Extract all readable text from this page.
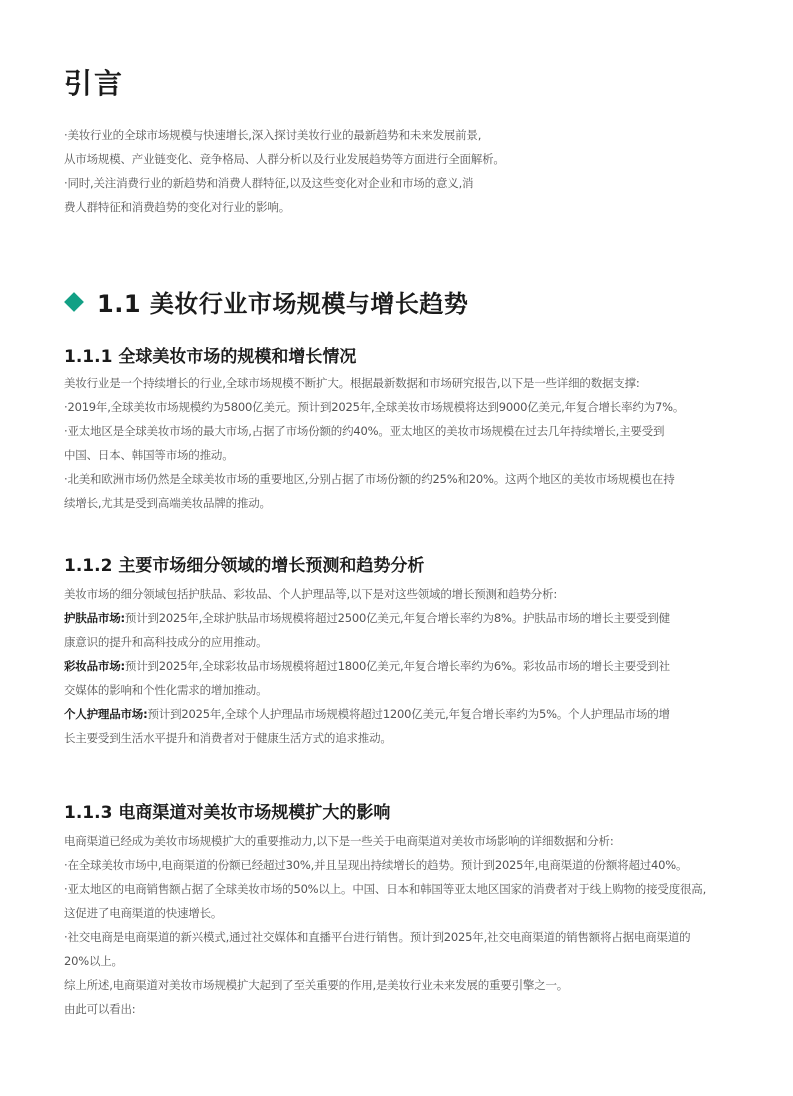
引言

·美妆行业的全球市场规模与快速增长,深入探讨美妆行业的最新趋势和未来发展前景,

从市场规模、产业链变化、竞争格局、人群分析以及行业发展趋势等方面进行全面解析。

·同时,关注消费行业的新趋势和消费人群特征,以及这些变化对企业和市场的意义,消

费人群特征和消费趋势的变化对行业的影响。

1.1 美妆行业市场规模与增长趋势
1.1.1 全球美妆市场的规模和增长情况

美妆行业是一个持续增长的行业,全球市场规模不断扩大。根据最新数据和市场研究报告,以下是一些详细的数据支撑:

·2019年,全球美妆市场规模约为5800亿美元。预计到2025年,全球美妆市场规模将达到9000亿美元,年复合增长率约为7%。

·亚太地区是全球美妆市场的最大市场,占据了市场份额的约40%。亚太地区的美妆市场规模在过去几年持续增长,主要受到

中国、日本、韩国等市场的推动。

·北美和欧洲市场仍然是全球美妆市场的重要地区,分别占据了市场份额的约25%和20%。这两个地区的美妆市场规模也在持

续增长,尤其是受到高端美妆品牌的推动。

1.1.2 主要市场细分领域的增长预测和趋势分析

美妆市场的细分领域包括护肤品、彩妆品、个人护理品等,以下是对这些领域的增长预测和趋势分析:

护肤品市场:预计到2025年,全球护肤品市场规模将超过2500亿美元,年复合增长率约为8%。护肤品市场的增长主要受到健

康意识的提升和高科技成分的应用推动。

彩妆品市场:预计到2025年,全球彩妆品市场规模将超过1800亿美元,年复合增长率约为6%。彩妆品市场的增长主要受到社

交媒体的影响和个性化需求的增加推动。

个人护理品市场:预计到2025年,全球个人护理品市场规模将超过1200亿美元,年复合增长率约为5%。个人护理品市场的增

长主要受到生活水平提升和消费者对于健康生活方式的追求推动。

1.1.3 电商渠道对美妆市场规模扩大的影响

电商渠道已经成为美妆市场规模扩大的重要推动力,以下是一些关于电商渠道对美妆市场影响的详细数据和分析:

·在全球美妆市场中,电商渠道的份额已经超过30%,并且呈现出持续增长的趋势。预计到2025年,电商渠道的份额将超过40%。

·亚太地区的电商销售额占据了全球美妆市场的50%以上。中国、日本和韩国等亚太地区国家的消费者对于线上购物的接受度很高,

这促进了电商渠道的快速增长。

·社交电商是电商渠道的新兴模式,通过社交媒体和直播平台进行销售。预计到2025年,社交电商渠道的销售额将占据电商渠道的

20%以上。

综上所述,电商渠道对美妆市场规模扩大起到了至关重要的作用,是美妆行业未来发展的重要引擎之一。

由此可以看出:
